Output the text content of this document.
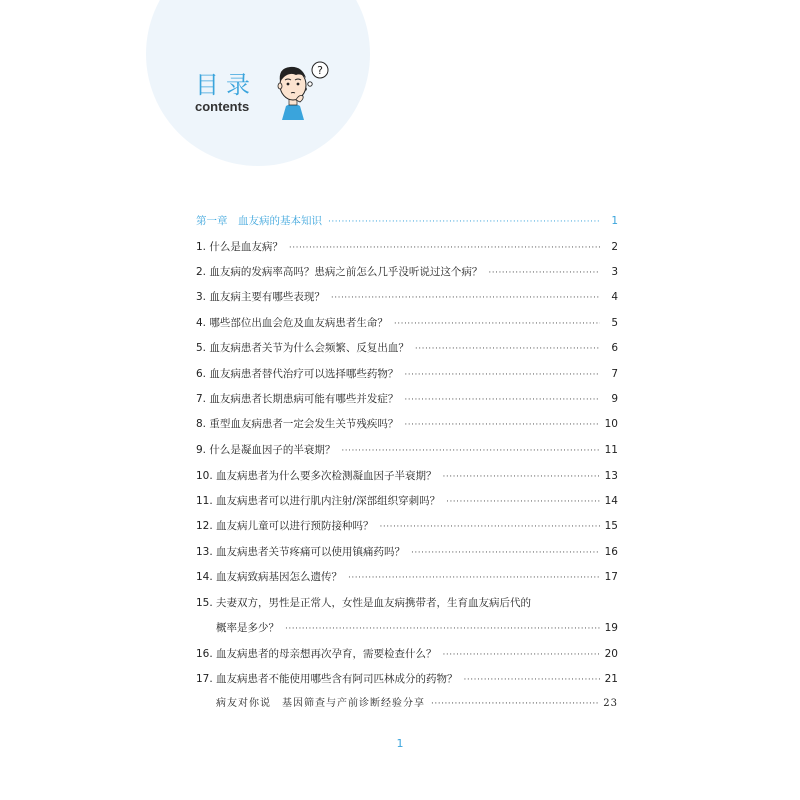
目录
contents
?
第一章　血友病的基本知识 ·····	1
1. 什么是血友病？ ·····	2
2. 血友病的发病率高吗？患病之前怎么几乎没听说过这个病？ ·····	3
3. 血友病主要有哪些表现？ ·····	4
4. 哪些部位出血会危及血友病患者生命？ ·····	5
5. 血友病患者关节为什么会频繁、反复出血？ ·····	6
6. 血友病患者替代治疗可以选择哪些药物？ ·····	7
7. 血友病患者长期患病可能有哪些并发症？ ·····	9
8. 重型血友病患者一定会发生关节残疾吗？ ·····	10
9. 什么是凝血因子的半衰期？ ·····	11
10. 血友病患者为什么要多次检测凝血因子半衰期？ ·····	13
11. 血友病患者可以进行肌内注射/深部组织穿刺吗？ ·····	14
12. 血友病儿童可以进行预防接种吗？ ·····	15
13. 血友病患者关节疼痛可以使用镇痛药吗？ ·····	16
14. 血友病致病基因怎么遗传？ ·····	17
15. 夫妻双方，男性是正常人，女性是血友病携带者，生育血友病后代的
概率是多少？ ·····	19
16. 血友病患者的母亲想再次孕育，需要检查什么？ ·····	20
17. 血友病患者不能使用哪些含有阿司匹林成分的药物？ ·····	21
病友对你说　基因筛查与产前诊断经验分享 ·····	23
1
